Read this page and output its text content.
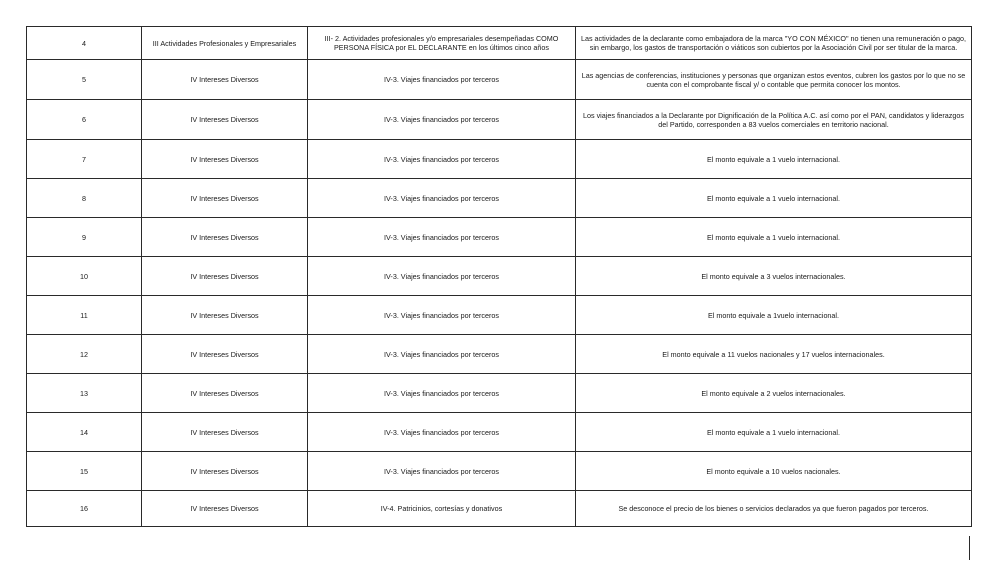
4	III Actividades Profesionales y Empresariales	III- 2. Actividades profesionales y/o empresariales desempeñadas COMO PERSONA FÍSICA por EL DECLARANTE en los últimos cinco años	Las actividades de la declarante como embajadora de la marca "YO CON MÉXICO" no tienen una remuneración o pago, sin embargo, los gastos de transportación o viáticos son cubiertos por la Asociación Civil por ser titular de la marca.
5	IV Intereses Diversos	IV-3. Viajes financiados por terceros	Las agencias de conferencias, instituciones y personas que organizan estos eventos, cubren los gastos por lo que no se cuenta con el comprobante fiscal y/ o contable que permita conocer los montos.
6	IV Intereses Diversos	IV-3. Viajes financiados por terceros	Los viajes financiados a la Declarante por Dignificación de la Política A.C. así como por el PAN, candidatos y liderazgos del Partido, corresponden a 83 vuelos comerciales en territorio nacional.
7	IV Intereses Diversos	IV-3. Viajes financiados por terceros	El monto equivale a 1 vuelo internacional.
8	IV Intereses Diversos	IV-3. Viajes financiados por terceros	El monto equivale a 1 vuelo internacional.
9	IV Intereses Diversos	IV-3. Viajes financiados por terceros	El monto equivale a 1 vuelo internacional.
10	IV Intereses Diversos	IV-3. Viajes financiados por terceros	El monto equivale a 3 vuelos internacionales.
11	IV Intereses Diversos	IV-3. Viajes financiados por terceros	El monto equivale a 1vuelo internacional.
12	IV Intereses Diversos	IV-3. Viajes financiados por terceros	El monto equivale a 11 vuelos nacionales y 17 vuelos internacionales.
13	IV Intereses Diversos	IV-3. Viajes financiados por terceros	El monto equivale a 2 vuelos internacionales.
14	IV Intereses Diversos	IV-3. Viajes financiados por terceros	El monto equivale a 1 vuelo internacional.
15	IV Intereses Diversos	IV-3. Viajes financiados por terceros	El monto equivale a 10 vuelos nacionales.
16	IV Intereses Diversos	IV-4. Patricinios, cortesías y donativos	Se desconoce el precio de los bienes o servicios declarados ya que fueron pagados por terceros.
